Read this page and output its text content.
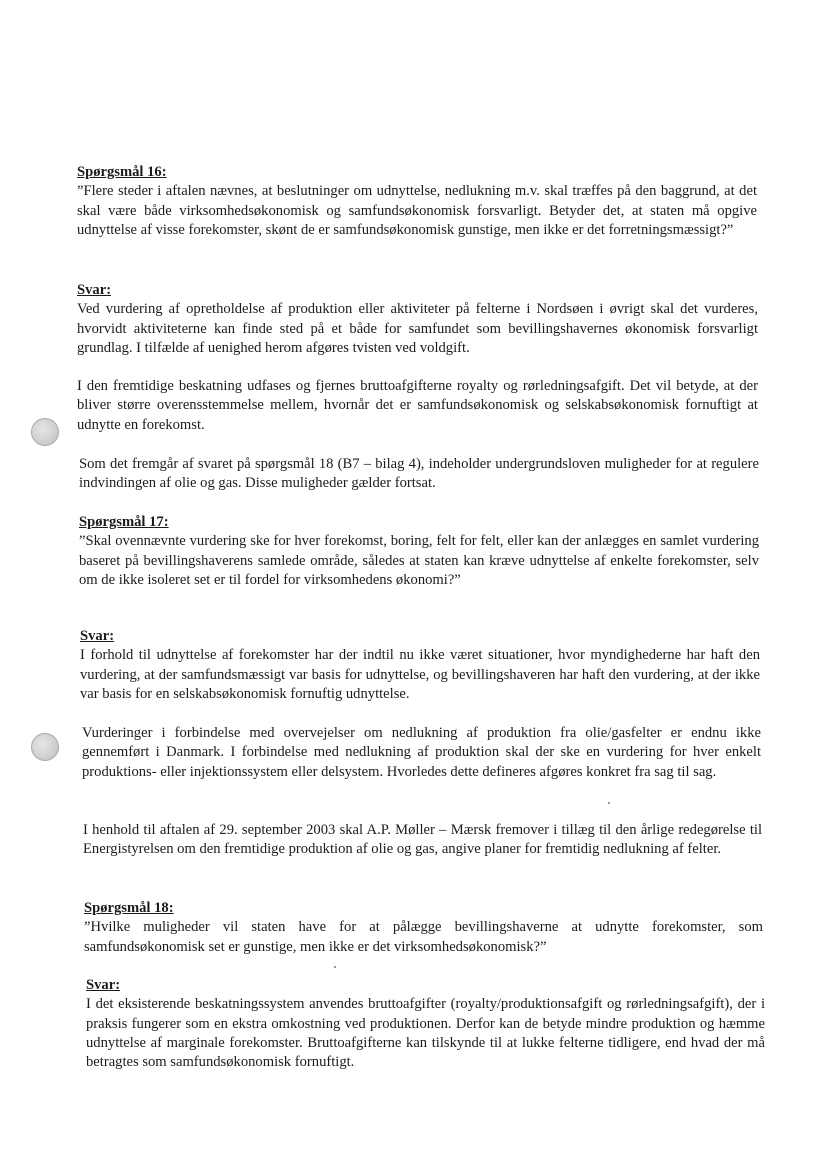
Spørgsmål 16:

”Flere steder i aftalen nævnes, at beslutninger om udnyttelse, nedlukning m.v. skal træffes på den baggrund, at det skal være både virksomhedsøkonomisk og samfundsøkonomisk forsvarligt. Betyder det, at staten må opgive udnyttelse af visse forekomster, skønt de er samfundsøkonomisk gunstige, men ikke er det forretningsmæssigt?”

Svar:

Ved vurdering af opretholdelse af produktion eller aktiviteter på felterne i Nordsøen i øvrigt skal det vurderes, hvorvidt aktiviteterne kan finde sted på et både for samfundet som bevillingshavernes økonomisk forsvarligt grundlag. I tilfælde af uenighed herom afgøres tvisten ved voldgift.

I den fremtidige beskatning udfases og fjernes bruttoafgifterne royalty og rørledningsafgift. Det vil betyde, at der bliver større overensstemmelse mellem, hvornår det er samfundsøkonomisk og selskabsøkonomisk fornuftigt at udnytte en forekomst.

Som det fremgår af svaret på spørgsmål 18 (B7 – bilag 4), indeholder undergrundsloven muligheder for at regulere indvindingen af olie og gas. Disse muligheder gælder fortsat.

Spørgsmål 17:

”Skal ovennævnte vurdering ske for hver forekomst, boring, felt for felt, eller kan der anlægges en samlet vurdering baseret på bevillingshaverens samlede område, således at staten kan kræve udnyttelse af enkelte forekomster, selv om de ikke isoleret set er til fordel for virksomhedens økonomi?”

Svar:

I forhold til udnyttelse af forekomster har der indtil nu ikke været situationer, hvor myndighederne har haft den vurdering, at der samfundsmæssigt var basis for udnyttelse, og bevillingshaveren har haft den vurdering, at der ikke var basis for en selskabsøkonomisk fornuftig udnyttelse.

Vurderinger i forbindelse med overvejelser om nedlukning af produktion fra olie/gasfelter er endnu ikke gennemført i Danmark. I forbindelse med nedlukning af produktion skal der ske en vurdering for hver enkelt produktions- eller injektionssystem eller delsystem. Hvorledes dette defineres afgøres konkret fra sag til sag.

I henhold til aftalen af 29. september 2003 skal A.P. Møller – Mærsk fremover i tillæg til den årlige redegørelse til Energistyrelsen om den fremtidige produktion af olie og gas, angive planer for fremtidig nedlukning af felter.

Spørgsmål 18:

”Hvilke muligheder vil staten have for at pålægge bevillingshaverne at udnytte forekomster, som samfundsøkonomisk set er gunstige, men ikke er det virksomhedsøkonomisk?”

Svar:

I det eksisterende beskatningssystem anvendes bruttoafgifter (royalty/produktionsafgift og rørledningsafgift), der i praksis fungerer som en ekstra omkostning ved produktionen. Derfor kan de betyde mindre produktion og hæmme udnyttelse af marginale forekomster. Bruttoafgifterne kan tilskynde til at lukke felterne tidligere, end hvad der må betragtes som samfundsøkonomisk fornuftigt.
